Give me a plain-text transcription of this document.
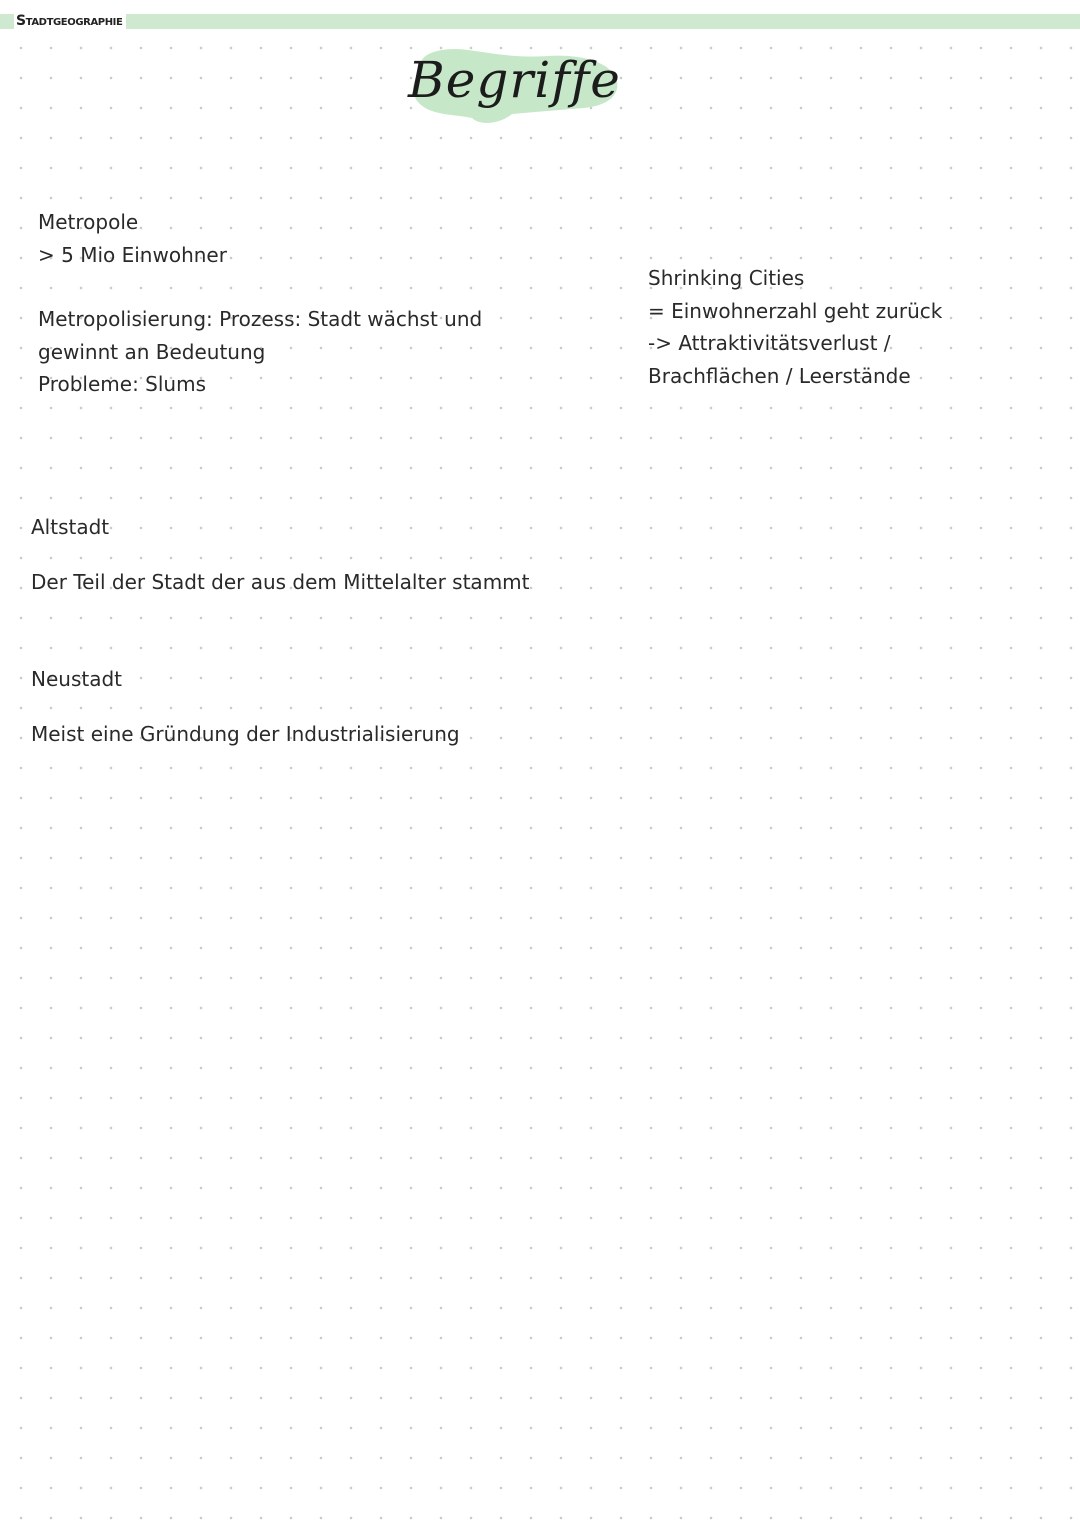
Stadtgeographie
Begriffe

Metropole

> 5 Mio Einwohner

Metropolisierung: Prozess: Stadt wächst und

gewinnt an Bedeutung

Probleme: Slums

Shrinking Cities

= Einwohnerzahl geht zurück

-> Attraktivitätsverlust /

Brachflächen / Leerstände

Altstadt

Der Teil der Stadt der aus dem Mittelalter stammt

Neustadt

Meist eine Gründung der Industrialisierung
